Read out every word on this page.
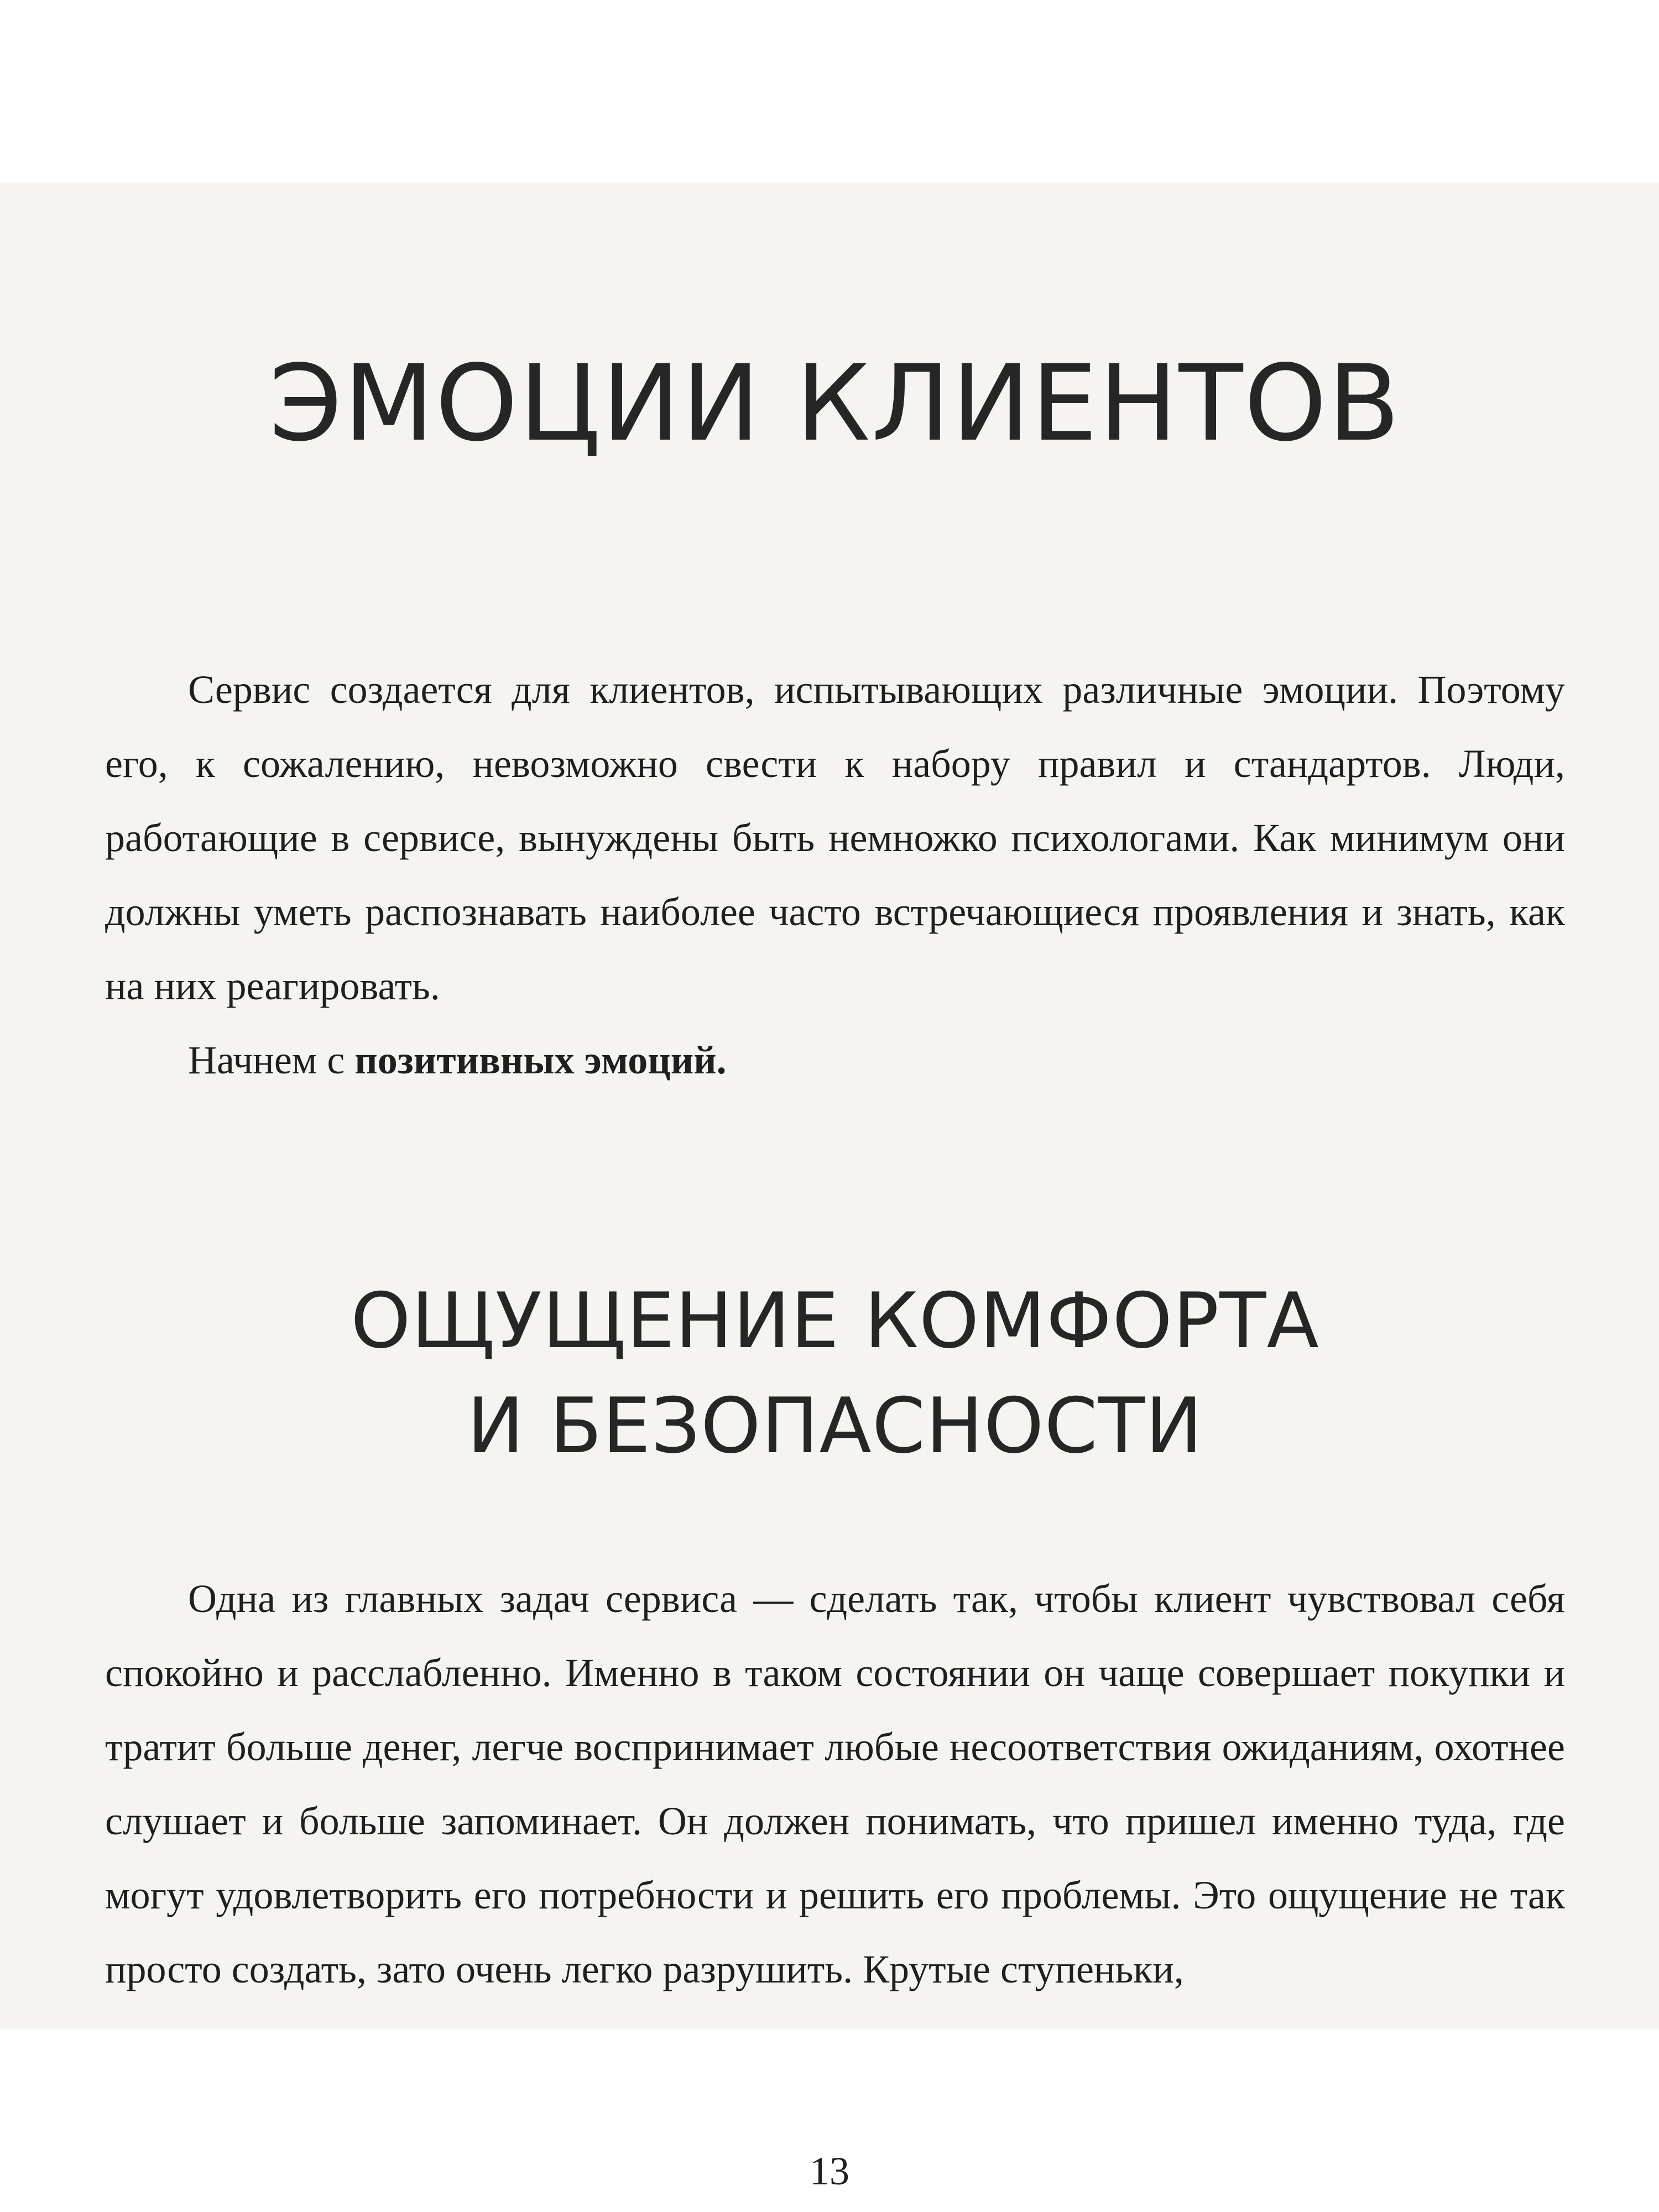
ЭМОЦИИ КЛИЕНТОВ

Сервис создается для клиентов, испытывающих различные эмоции. Поэтому его, к сожалению, невозможно свести к набору правил и стандартов. Люди, работающие в сервисе, вынуждены быть немножко психологами. Как минимум они должны уметь распознавать наиболее часто встречающиеся проявления и знать, как на них реагировать.

Начнем с позитивных эмоций.

ОЩУЩЕНИЕ КОМФОРТА
И БЕЗОПАСНОСТИ

Одна из главных задач сервиса — сделать так, чтобы клиент чувствовал себя спокойно и расслабленно. Именно в таком состоянии он чаще совершает покупки и тратит больше денег, легче воспринимает любые несоответствия ожиданиям, охотнее слушает и больше запоминает. Он должен понимать, что пришел именно туда, где могут удовлетворить его потребности и решить его проблемы. Это ощущение не так просто создать, зато очень легко разрушить. Крутые ступеньки,

13
